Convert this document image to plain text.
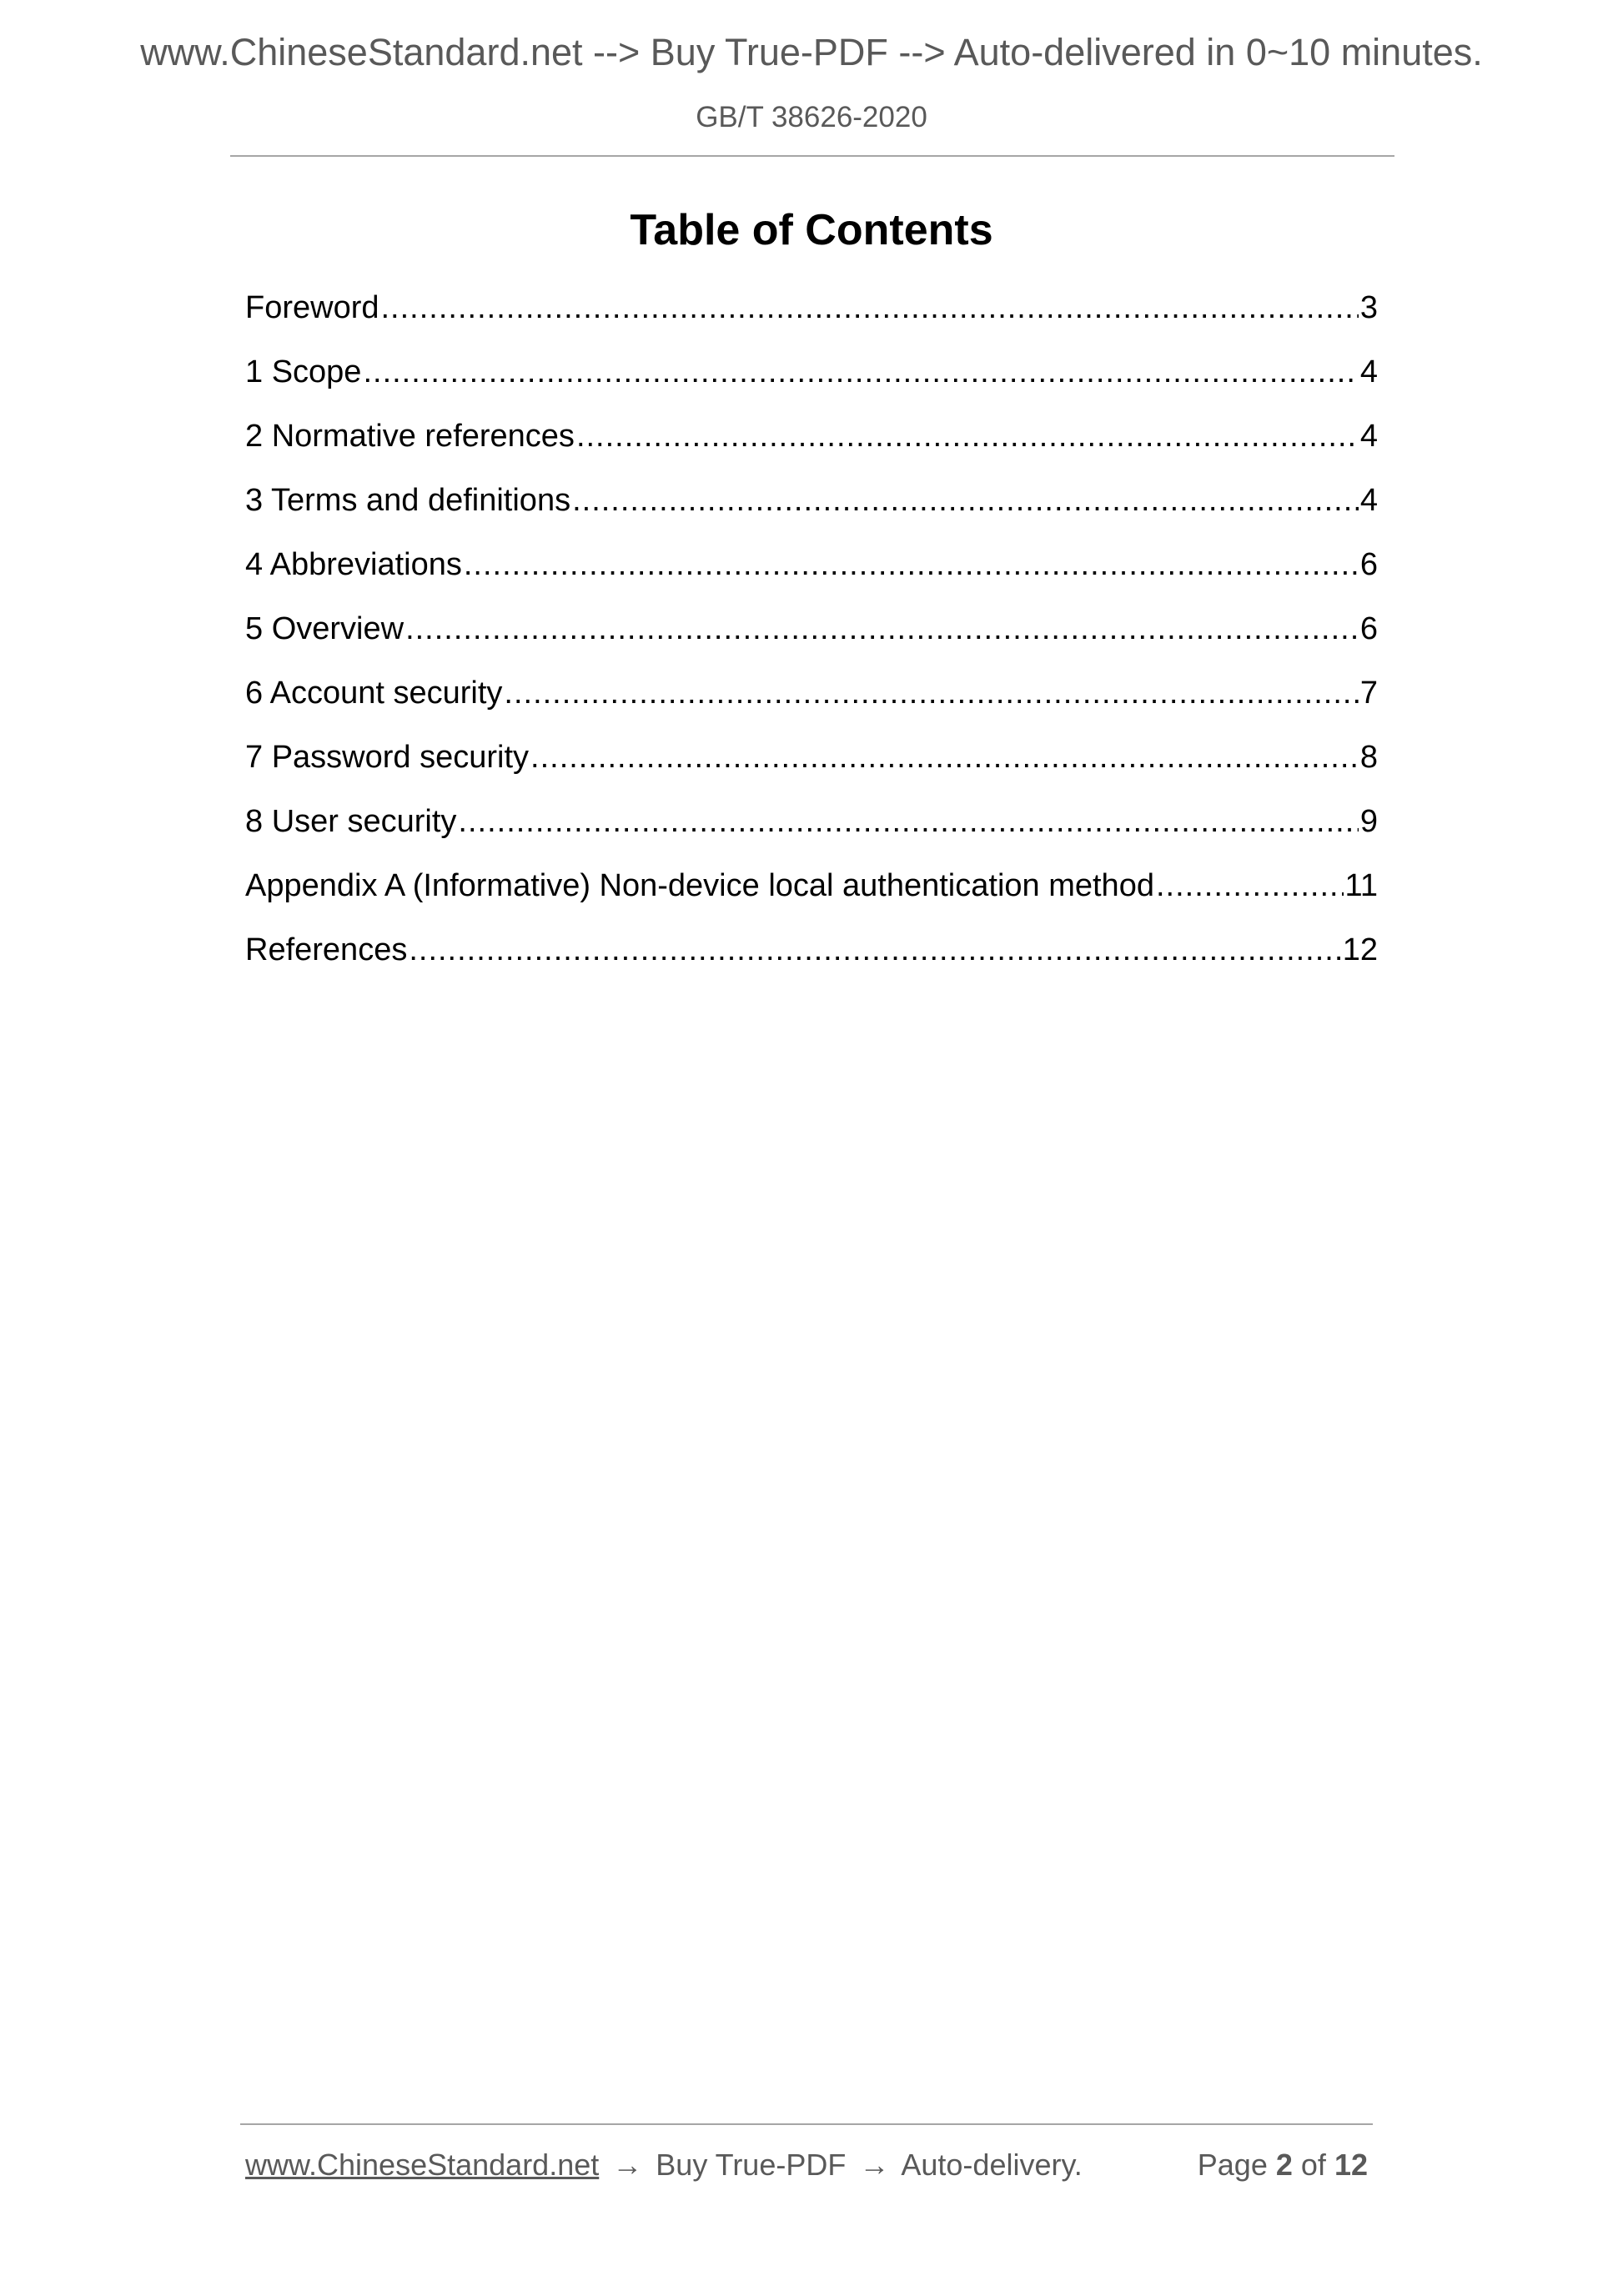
www.ChineseStandard.net --> Buy True-PDF --> Auto-delivered in 0~10 minutes.
GB/T 38626-2020
Table of Contents
Foreword .....	3
1 Scope .....	4
2 Normative references .....	4
3 Terms and definitions .....	4
4 Abbreviations .....	6
5 Overview .....	6
6 Account security .....	7
7 Password security .....	8
8 User security .....	9
Appendix A (Informative) Non-device local authentication method .....	11
References .....	12
www.ChineseStandard.net → Buy True-PDF → Auto-delivery.	Page 2 of 12
